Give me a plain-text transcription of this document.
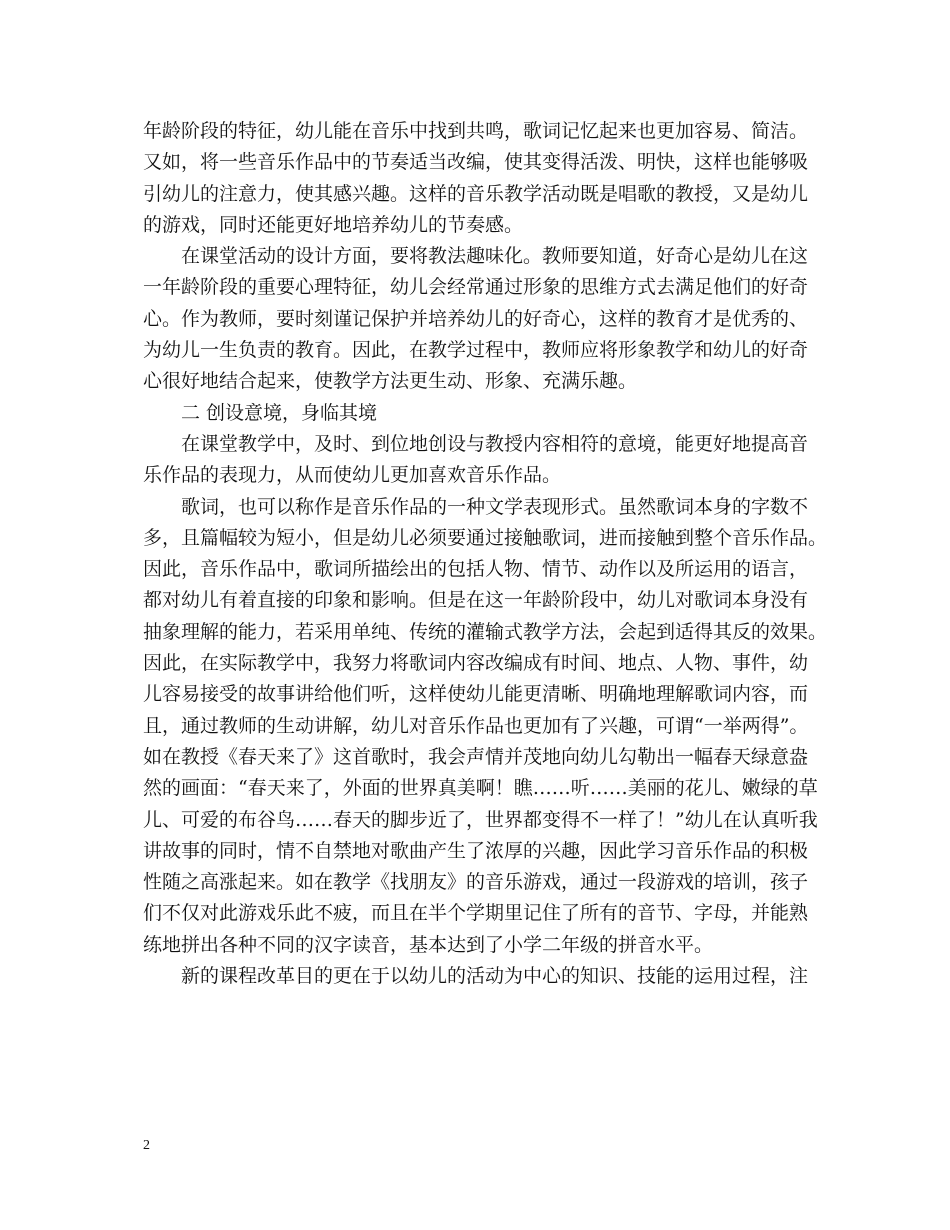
年龄阶段的特征，幼儿能在音乐中找到共鸣，歌词记忆起来也更加容易、简洁。
又如，将一些音乐作品中的节奏适当改编，使其变得活泼、明快，这样也能够吸
引幼儿的注意力，使其感兴趣。这样的音乐教学活动既是唱歌的教授，又是幼儿
的游戏，同时还能更好地培养幼儿的节奏感。
在课堂活动的设计方面，要将教法趣味化。教师要知道，好奇心是幼儿在这
一年龄阶段的重要心理特征，幼儿会经常通过形象的思维方式去满足他们的好奇
心。作为教师，要时刻谨记保护并培养幼儿的好奇心，这样的教育才是优秀的、
为幼儿一生负责的教育。因此，在教学过程中，教师应将形象教学和幼儿的好奇
心很好地结合起来，使教学方法更生动、形象、充满乐趣。
二 创设意境，身临其境
在课堂教学中，及时、到位地创设与教授内容相符的意境，能更好地提高音
乐作品的表现力，从而使幼儿更加喜欢音乐作品。
歌词，也可以称作是音乐作品的一种文学表现形式。虽然歌词本身的字数不
多，且篇幅较为短小，但是幼儿必须要通过接触歌词，进而接触到整个音乐作品。
因此，音乐作品中，歌词所描绘出的包括人物、情节、动作以及所运用的语言，
都对幼儿有着直接的印象和影响。但是在这一年龄阶段中，幼儿对歌词本身没有
抽象理解的能力，若采用单纯、传统的灌输式教学方法，会起到适得其反的效果。
因此，在实际教学中，我努力将歌词内容改编成有时间、地点、人物、事件，幼
儿容易接受的故事讲给他们听，这样使幼儿能更清晰、明确地理解歌词内容，而
且，通过教师的生动讲解，幼儿对音乐作品也更加有了兴趣，可谓“一举两得”。
如在教授《春天来了》这首歌时，我会声情并茂地向幼儿勾勒出一幅春天绿意盎
然的画面：“春天来了，外面的世界真美啊！瞧……听……美丽的花儿、嫩绿的草
儿、可爱的布谷鸟……春天的脚步近了，世界都变得不一样了！”幼儿在认真听我
讲故事的同时，情不自禁地对歌曲产生了浓厚的兴趣，因此学习音乐作品的积极
性随之高涨起来。如在教学《找朋友》的音乐游戏，通过一段游戏的培训，孩子
们不仅对此游戏乐此不疲，而且在半个学期里记住了所有的音节、字母，并能熟
练地拼出各种不同的汉字读音，基本达到了小学二年级的拼音水平。
新的课程改革目的更在于以幼儿的活动为中心的知识、技能的运用过程，注
2
